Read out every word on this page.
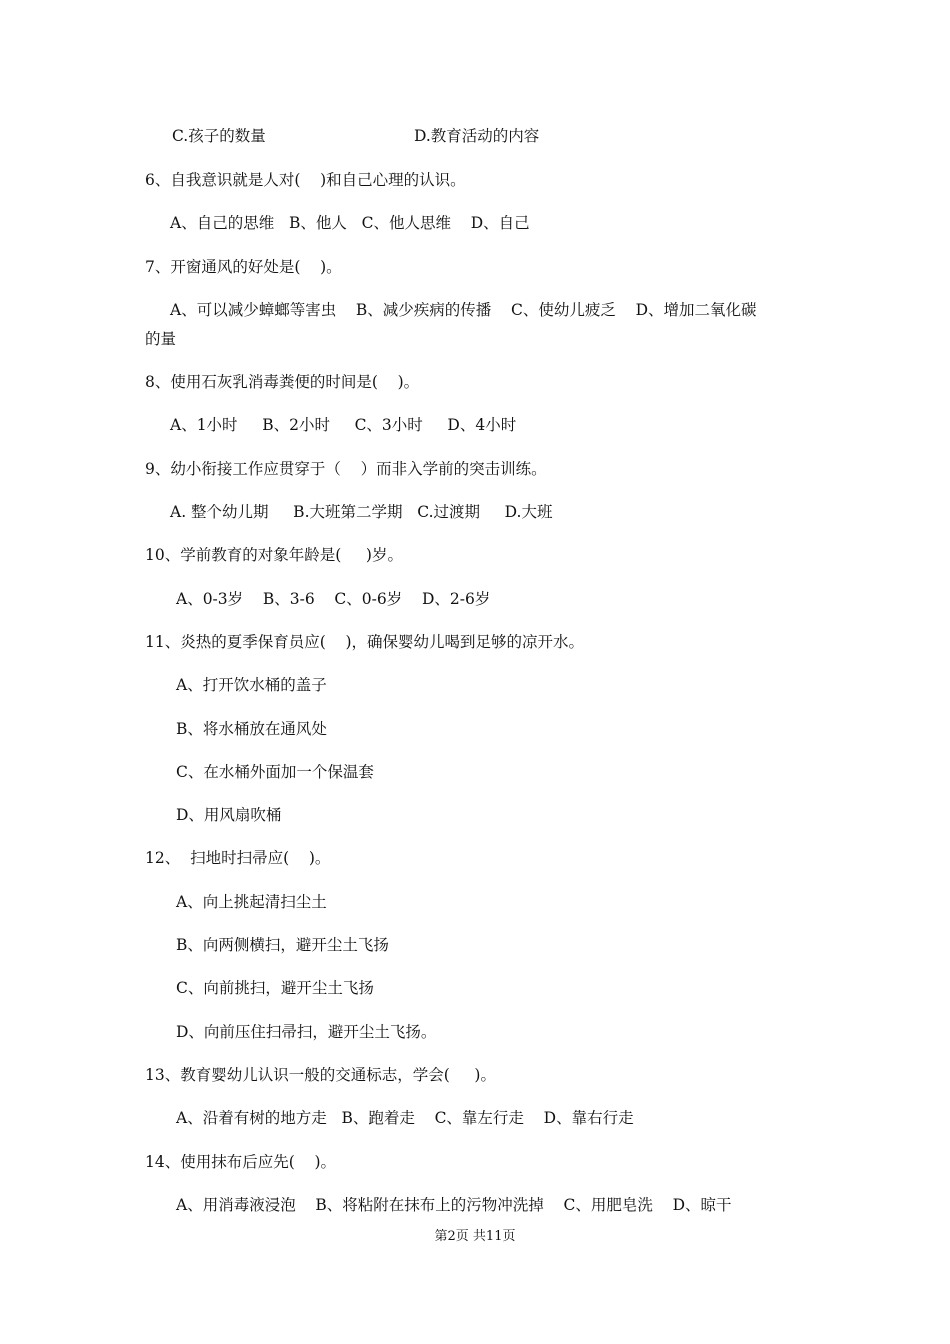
C.孩子的数量	D.教育活动的内容

6、自我意识就是人对(    )和自己心理的认识。

A、自己的思维   B、他人   C、他人思维    D、自己

7、开窗通风的好处是(    )。

A、可以减少蟑螂等害虫    B、减少疾病的传播    C、使幼儿疲乏    D、增加二氧化碳

的量

8、使用石灰乳消毒粪便的时间是(    )。

A、1小时     B、2小时     C、3小时     D、4小时

9、幼小衔接工作应贯穿于（    ）而非入学前的突击训练。

A. 整个幼儿期     B.大班第二学期   C.过渡期     D.大班

10、学前教育的对象年龄是(     )岁。

A、0-3岁    B、3-6    C、0-6岁    D、2-6岁

11、炎热的夏季保育员应(    )，确保婴幼儿喝到足够的凉开水。

A、打开饮水桶的盖子

B、将水桶放在通风处

C、在水桶外面加一个保温套

D、用风扇吹桶

12、  扫地时扫帚应(    )。

A、向上挑起清扫尘土

B、向两侧横扫，避开尘土飞扬

C、向前挑扫，避开尘土飞扬

D、向前压住扫帚扫，避开尘土飞扬。

13、教育婴幼儿认识一般的交通标志，学会(     )。

A、沿着有树的地方走   B、跑着走    C、靠左行走    D、靠右行走

14、使用抹布后应先(    )。

A、用消毒液浸泡    B、将粘附在抹布上的污物冲洗掉    C、用肥皂洗    D、晾干

第2页 共11页
